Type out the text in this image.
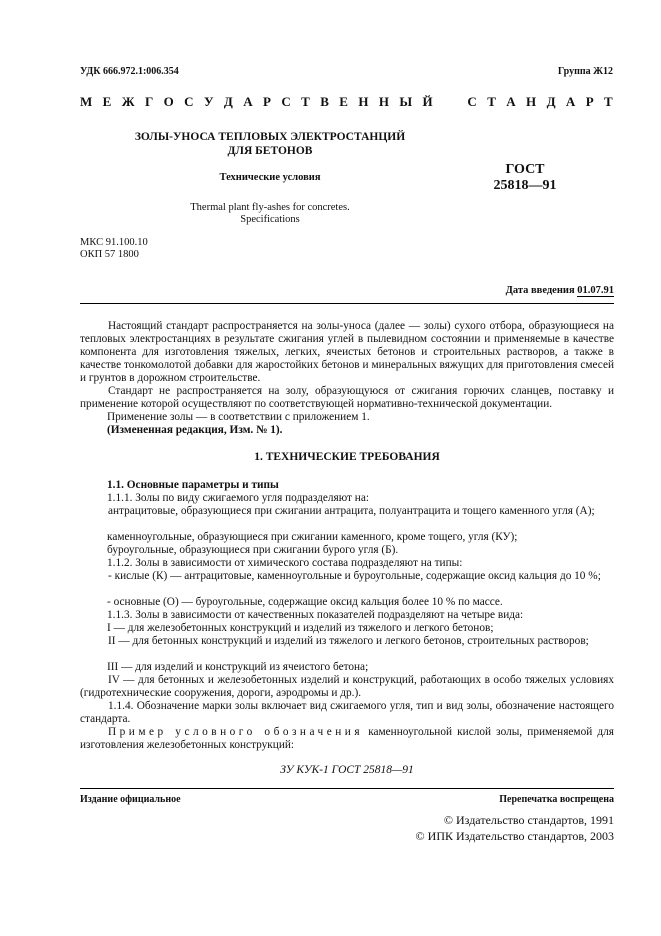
УДК 666.972.1:006.354	Группа Ж12
М Е Ж Г О С У Д А Р С Т В Е Н Н Ы Й	С Т А Н Д А Р Т
ЗОЛЫ-УНОСА ТЕПЛОВЫХ ЭЛЕКТРОСТАНЦИЙ
ДЛЯ БЕТОНОВ
Технические условия
Thermal plant fly-ashes for concretes.
Specifications
ГОСТ
25818—91
МКС 91.100.10
ОКП 57 1800
Дата введения 01.07.91
Настоящий стандарт распространяется на золы-уноса (далее — золы) сухого отбора, образующиеся на тепловых электростанциях в результате сжигания углей в пылевидном состоянии и применяемые в качестве компонента для изготовления тяжелых, легких, ячеистых бетонов и строительных растворов, а также в качестве тонкомолотой добавки для жаростойких бетонов и минеральных вяжущих для приготовления смесей и грунтов в дорожном строительстве.
Стандарт не распространяется на золу, образующуюся от сжигания горючих сланцев, поставку и применение которой осуществляют по соответствующей нормативно-технической документации.
Применение золы — в соответствии с приложением 1.
(Измененная редакция, Изм. № 1).
1. ТЕХНИЧЕСКИЕ ТРЕБОВАНИЯ
1.1. Основные параметры и типы
1.1.1. Золы по виду сжигаемого угля подразделяют на:
антрацитовые, образующиеся при сжигании антрацита, полуантрацита и тощего каменного угля (А);
каменноугольные, образующиеся при сжигании каменного, кроме тощего, угля (КУ);
буроугольные, образующиеся при сжигании бурого угля (Б).
1.1.2. Золы в зависимости от химического состава подразделяют на типы:
- кислые (К) — антрацитовые, каменноугольные и буроугольные, содержащие оксид кальция до 10 %;
- основные (О) — буроугольные, содержащие оксид кальция более 10 % по массе.
1.1.3. Золы в зависимости от качественных показателей подразделяют на четыре вида:
I — для железобетонных конструкций и изделий из тяжелого и легкого бетонов;
II — для бетонных конструкций и изделий из тяжелого и легкого бетонов, строительных растворов;
III — для изделий и конструкций из ячеистого бетона;
IV — для бетонных и железобетонных изделий и конструкций, работающих в особо тяжелых условиях (гидротехнические сооружения, дороги, аэродромы и др.).
1.1.4. Обозначение марки золы включает вид сжигаемого угля, тип и вид золы, обозначение настоящего стандарта.
Пример условного обозначения каменноугольной кислой золы, применяемой для изготовления железобетонных конструкций:
ЗУ КУК-1 ГОСТ 25818—91
Издание официальное	Перепечатка воспрещена
© Издательство стандартов, 1991
© ИПК Издательство стандартов, 2003
